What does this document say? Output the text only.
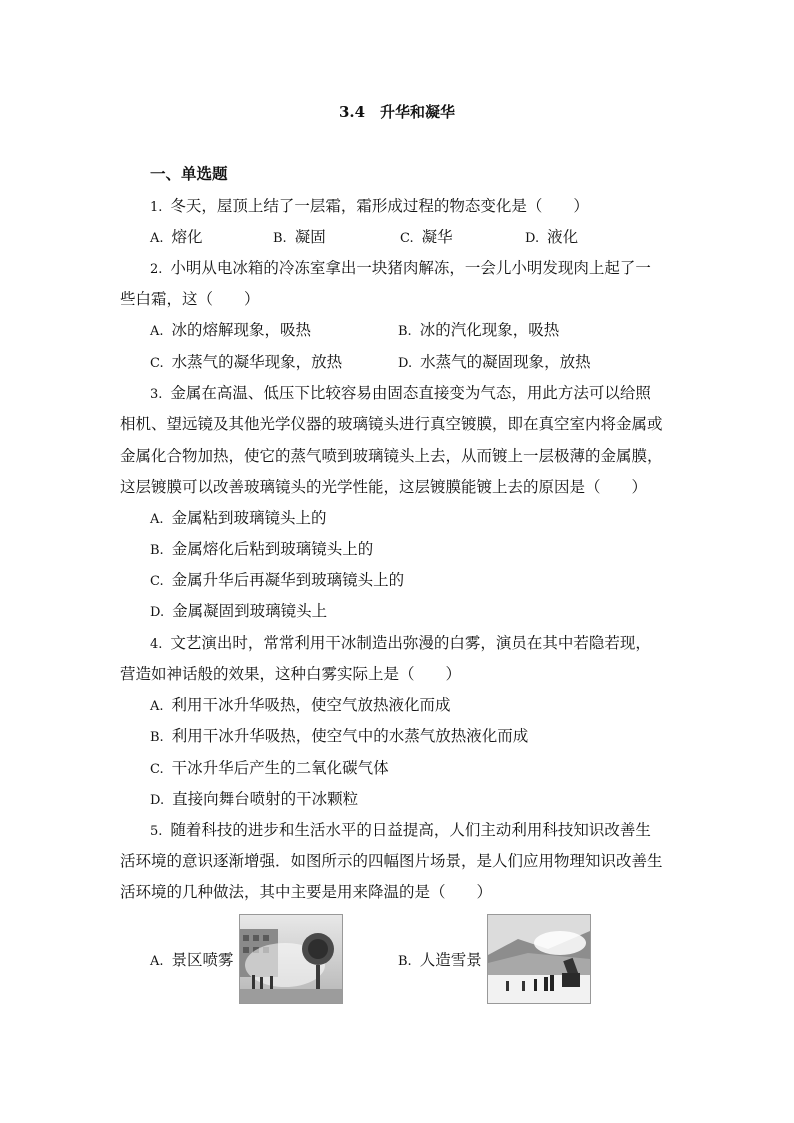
3.4　升华和凝华
一、单选题
1. 冬天，屋顶上结了一层霜，霜形成过程的物态变化是（　　）
A. 熔化	B. 凝固	C. 凝华	D. 液化
2. 小明从电冰箱的冷冻室拿出一块猪肉解冻，一会儿小明发现肉上起了一
些白霜，这（　　）
A. 冰的熔解现象，吸热	B. 冰的汽化现象，吸热
C. 水蒸气的凝华现象，放热	D. 水蒸气的凝固现象，放热
3. 金属在高温、低压下比较容易由固态直接变为气态，用此方法可以给照
相机、望远镜及其他光学仪器的玻璃镜头进行真空镀膜，即在真空室内将金属或
金属化合物加热，使它的蒸气喷到玻璃镜头上去，从而镀上一层极薄的金属膜，
这层镀膜可以改善玻璃镜头的光学性能，这层镀膜能镀上去的原因是（　　）
A. 金属粘到玻璃镜头上的
B. 金属熔化后粘到玻璃镜头上的
C. 金属升华后再凝华到玻璃镜头上的
D. 金属凝固到玻璃镜头上
4. 文艺演出时，常常利用干冰制造出弥漫的白雾，演员在其中若隐若现，
营造如神话般的效果，这种白雾实际上是（　　）
A. 利用干冰升华吸热，使空气放热液化而成
B. 利用干冰升华吸热，使空气中的水蒸气放热液化而成
C. 干冰升华后产生的二氧化碳气体
D. 直接向舞台喷射的干冰颗粒
5. 随着科技的进步和生活水平的日益提高，人们主动利用科技知识改善生
活环境的意识逐渐增强．如图所示的四幅图片场景，是人们应用物理知识改善生
活环境的几种做法，其中主要是用来降温的是（　　）
A. 景区喷雾	B. 人造雪景
